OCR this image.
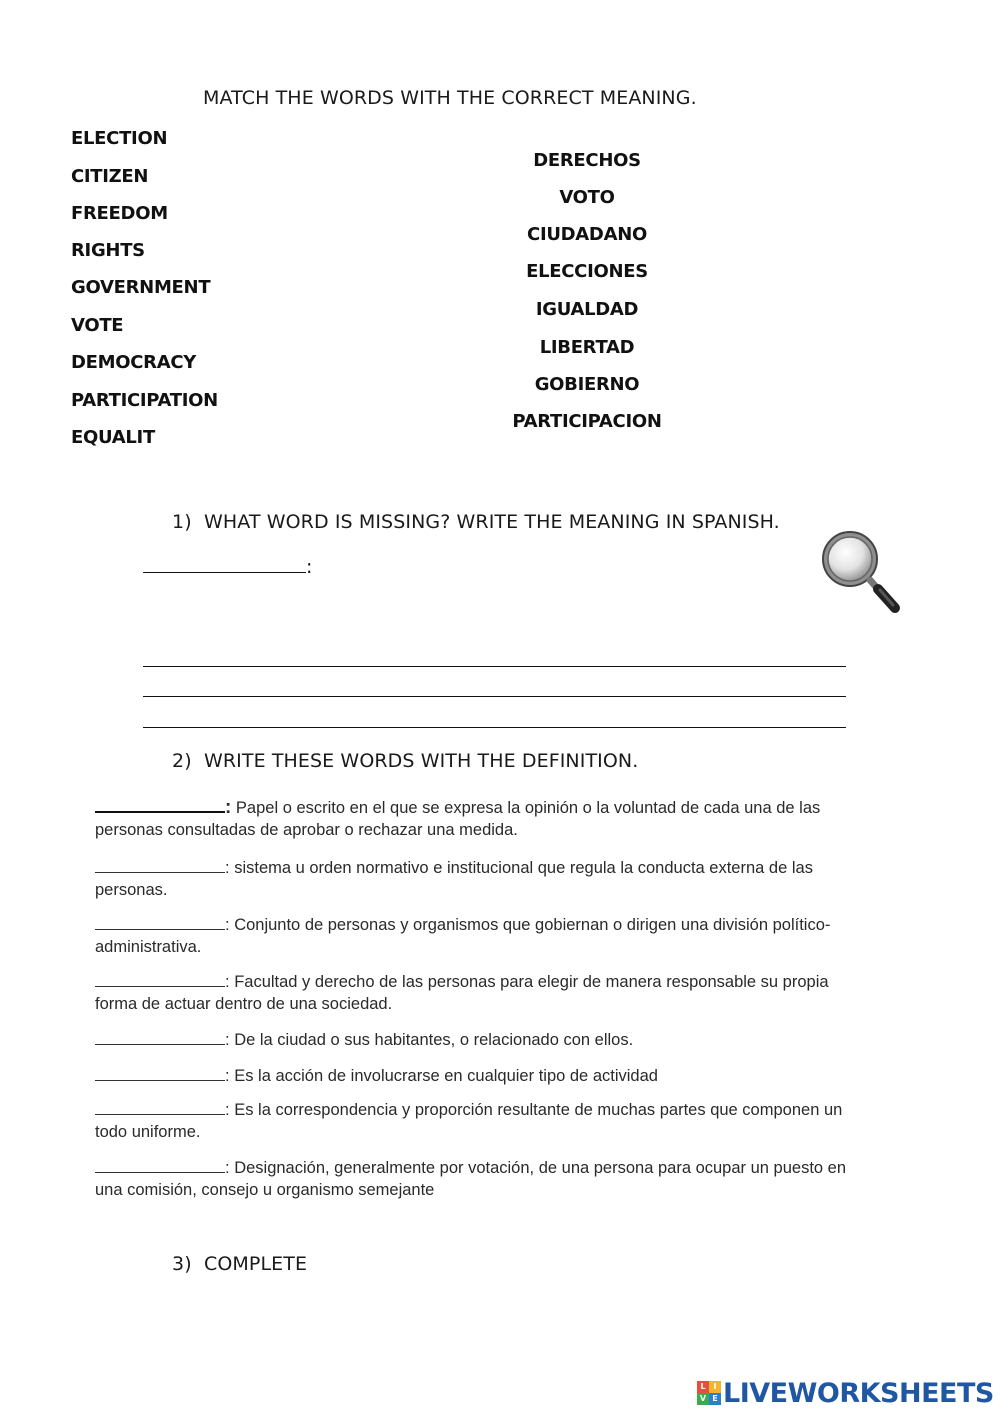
MATCH THE WORDS WITH THE CORRECT MEANING.
ELECTION
CITIZEN
FREEDOM
RIGHTS
GOVERNMENT
VOTE
DEMOCRACY
PARTICIPATION
EQUALIT
DERECHOS
VOTO
CIUDADANO
ELECCIONES
IGUALDAD
LIBERTAD
GOBIERNO
PARTICIPACION
1) WHAT WORD IS MISSING? WRITE THE MEANING IN SPANISH.
:
2) WRITE THESE WORDS WITH THE DEFINITION.
: Papel o escrito en el que se expresa la opinión o la voluntad de cada una de las
personas consultadas de aprobar o rechazar una medida.
: sistema u orden normativo e institucional que regula la conducta externa de las
personas.
: Conjunto de personas y organismos que gobiernan o dirigen una división político-
administrativa.
: Facultad y derecho de las personas para elegir de manera responsable su propia
forma de actuar dentro de una sociedad.
: De la ciudad o sus habitantes, o relacionado con ellos.
: Es la acción de involucrarse en cualquier tipo de actividad
: Es la correspondencia y proporción resultante de muchas partes que componen un
todo uniforme.
: Designación, generalmente por votación, de una persona para ocupar un puesto en
una comisión, consejo u organismo semejante
3) COMPLETE
L I
V E LIVEWORKSHEETS
